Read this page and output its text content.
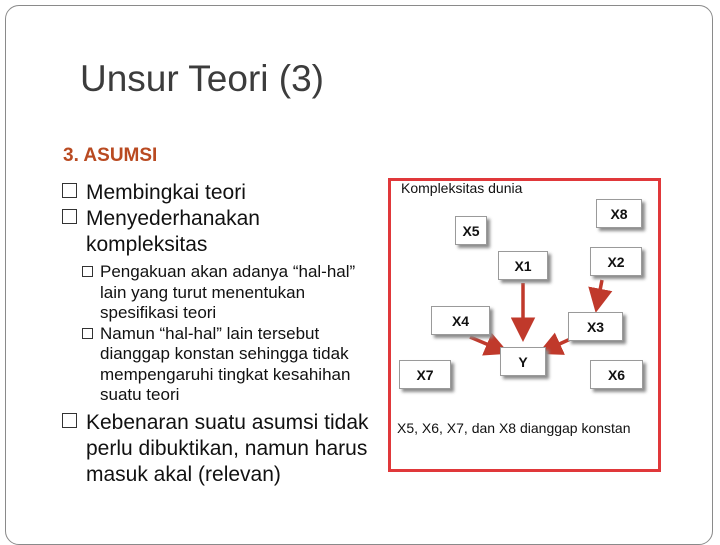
Unsur Teori (3)
3. ASUMSI
Membingkai teori
Menyederhanakan kompleksitas
Pengakuan akan adanya “hal-hal” lain yang turut menentukan spesifikasi teori
Namun “hal-hal” lain tersebut dianggap konstan sehingga tidak mempengaruhi tingkat kesahihan suatu teori
Kebenaran suatu asumsi tidak perlu dibuktikan, namun harus masuk akal (relevan)
Kompleksitas dunia
X8
X5
X1	X2
X4	X3
X7
Y
X6
X5, X6, X7, dan X8 dianggap konstan
